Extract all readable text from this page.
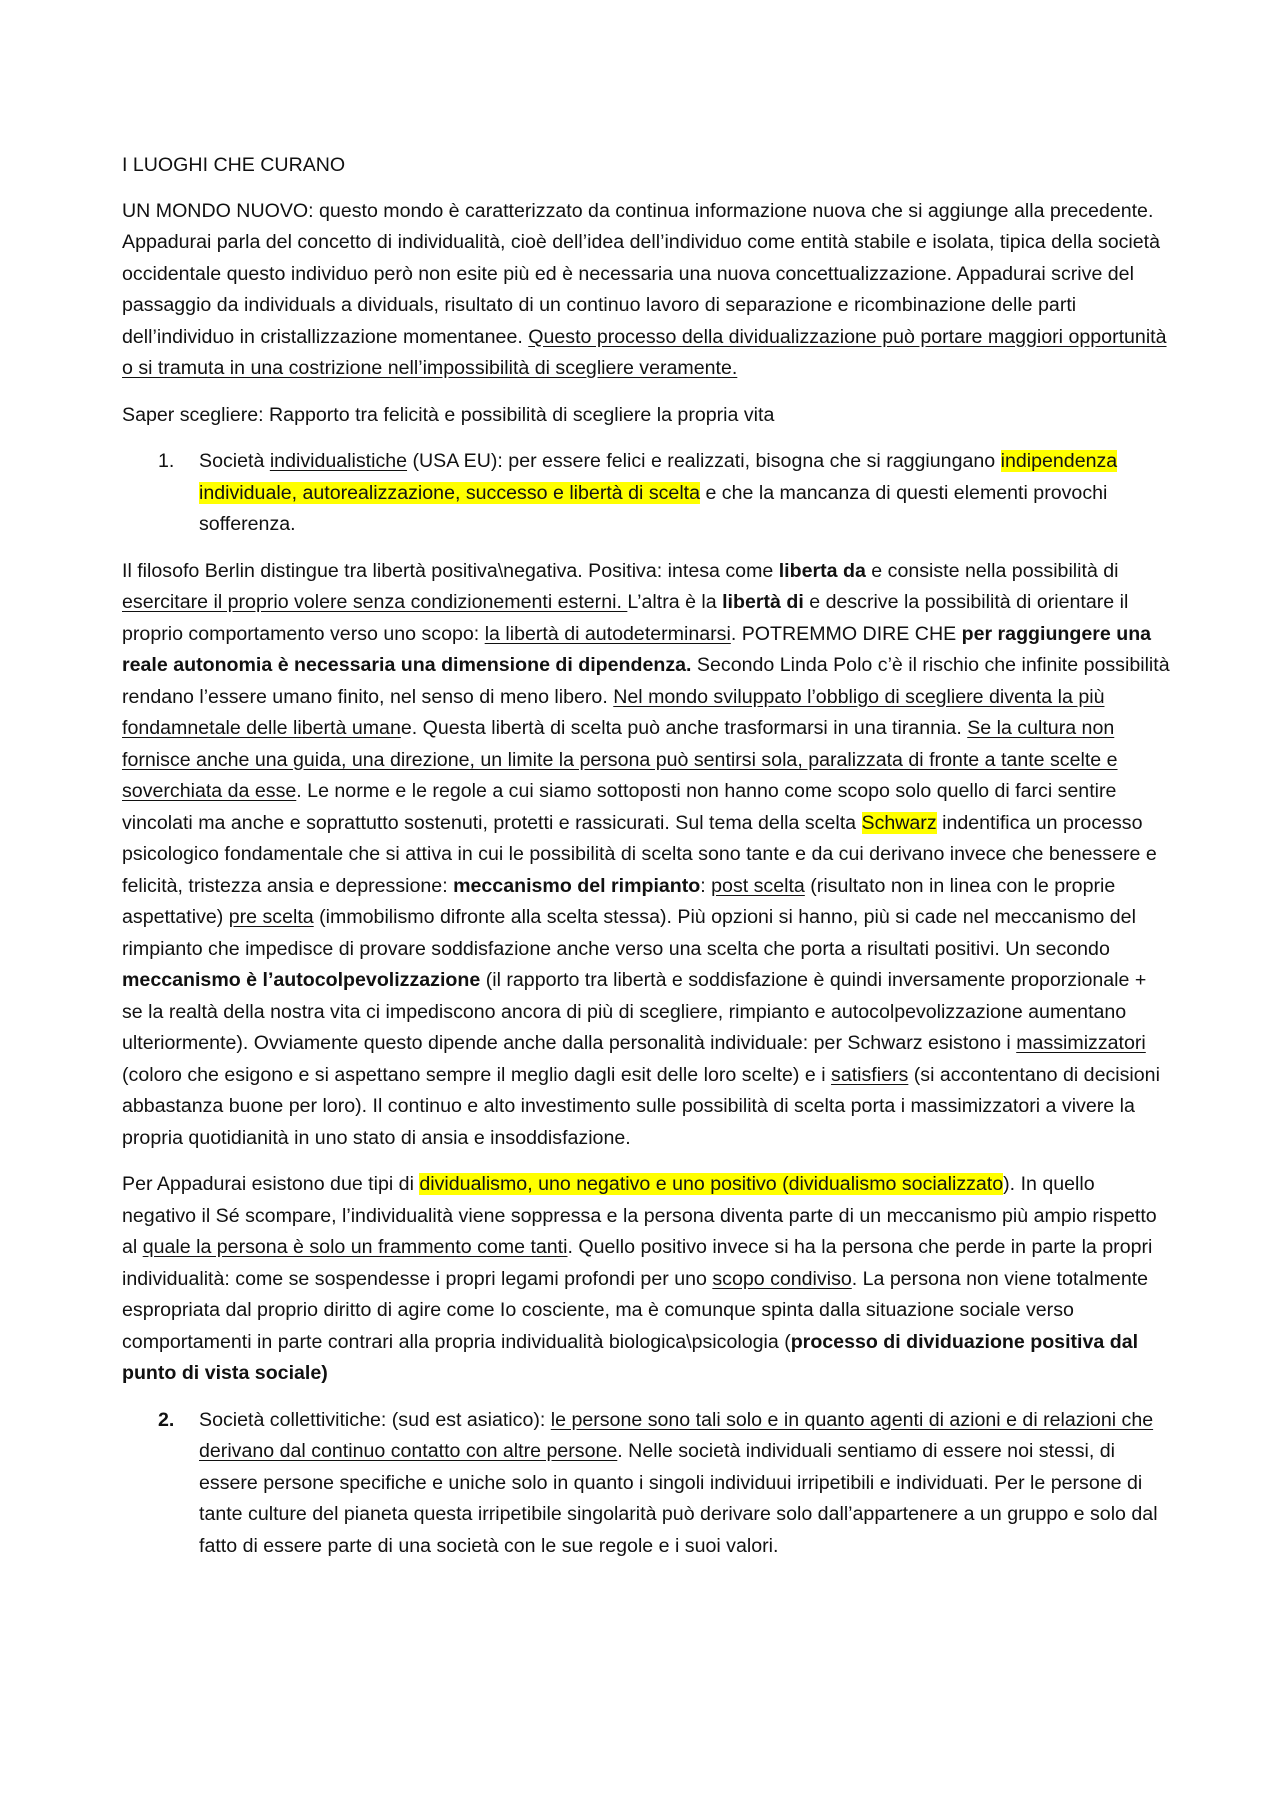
I LUOGHI CHE CURANO

UN MONDO NUOVO: questo mondo è caratterizzato da continua informazione nuova che si aggiunge alla precedente. Appadurai parla del concetto di individualità, cioè dell’idea dell’individuo come entità stabile e isolata, tipica della società occidentale questo individuo però non esite più ed è necessaria una nuova concettualizzazione. Appadurai scrive del passaggio da individuals a dividuals, risultato di un continuo lavoro di separazione e ricombinazione delle parti dell’individuo in cristallizzazione momentanee. Questo processo della dividualizzazione può portare maggiori opportunità o si tramuta in una costrizione nell’impossibilità di scegliere veramente.

Saper scegliere: Rapporto tra felicità e possibilità di scegliere la propria vita

1.	Società individualistiche (USA EU): per essere felici e realizzati, bisogna che si raggiungano indipendenza individuale, autorealizzazione, successo e libertà di scelta e che la mancanza di questi elementi provochi sofferenza.

Il filosofo Berlin distingue tra libertà positiva\negativa. Positiva: intesa come liberta da e consiste nella possibilità di esercitare il proprio volere senza condizionementi esterni. L’altra è la libertà di e descrive la possibilità di orientare il proprio comportamento verso uno scopo: la libertà di autodeterminarsi. POTREMMO DIRE CHE per raggiungere una reale autonomia è necessaria una dimensione di dipendenza. Secondo Linda Polo c’è il rischio che infinite possibilità rendano l’essere umano finito, nel senso di meno libero. Nel mondo sviluppato l’obbligo di scegliere diventa la più fondamnetale delle libertà umane. Questa libertà di scelta può anche trasformarsi in una tirannia. Se la cultura non fornisce anche una guida, una direzione, un limite la persona può sentirsi sola, paralizzata di fronte a tante scelte e soverchiata da esse. Le norme e le regole a cui siamo sottoposti non hanno come scopo solo quello di farci sentire vincolati ma anche e soprattutto sostenuti, protetti e rassicurati. Sul tema della scelta Schwarz indentifica un processo psicologico fondamentale che si attiva in cui le possibilità di scelta sono tante e da cui derivano invece che benessere e felicità, tristezza ansia e depressione: meccanismo del rimpianto: post scelta (risultato non in linea con le proprie aspettative) pre scelta (immobilismo difronte alla scelta stessa). Più opzioni si hanno, più si cade nel meccanismo del rimpianto che impedisce di provare soddisfazione anche verso una scelta che porta a risultati positivi. Un secondo meccanismo è l’autocolpevolizzazione (il rapporto tra libertà e soddisfazione è quindi inversamente proporzionale + se la realtà della nostra vita ci impediscono ancora di più di scegliere, rimpianto e autocolpevolizzazione aumentano ulteriormente). Ovviamente questo dipende anche dalla personalità individuale: per Schwarz esistono i massimizzatori (coloro che esigono e si aspettano sempre il meglio dagli esit delle loro scelte) e i satisfiers (si accontentano di decisioni abbastanza buone per loro). Il continuo e alto investimento sulle possibilità di scelta porta i massimizzatori a vivere la propria quotidianità in uno stato di ansia e insoddisfazione.

Per Appadurai esistono due tipi di dividualismo, uno negativo e uno positivo (dividualismo socializzato). In quello negativo il Sé scompare, l’individualità viene soppressa e la persona diventa parte di un meccanismo più ampio rispetto al quale la persona è solo un frammento come tanti. Quello positivo invece si ha la persona che perde in parte la propri individualità: come se sospendesse i propri legami profondi per uno scopo condiviso. La persona non viene totalmente espropriata dal proprio diritto di agire come Io cosciente, ma è comunque spinta dalla situazione sociale verso comportamenti in parte contrari alla propria individualità biologica\psicologia (processo di dividuazione positiva dal punto di vista sociale)

2.	Società collettivitiche: (sud est asiatico): le persone sono tali solo e in quanto agenti di azioni e di relazioni che derivano dal continuo contatto con altre persone. Nelle società individuali sentiamo di essere noi stessi, di essere persone specifiche e uniche solo in quanto i singoli individuui irripetibili e individuati. Per le persone di tante culture del pianeta questa irripetibile singolarità può derivare solo dall’appartenere a un gruppo e solo dal fatto di essere parte di una società con le sue regole e i suoi valori.
